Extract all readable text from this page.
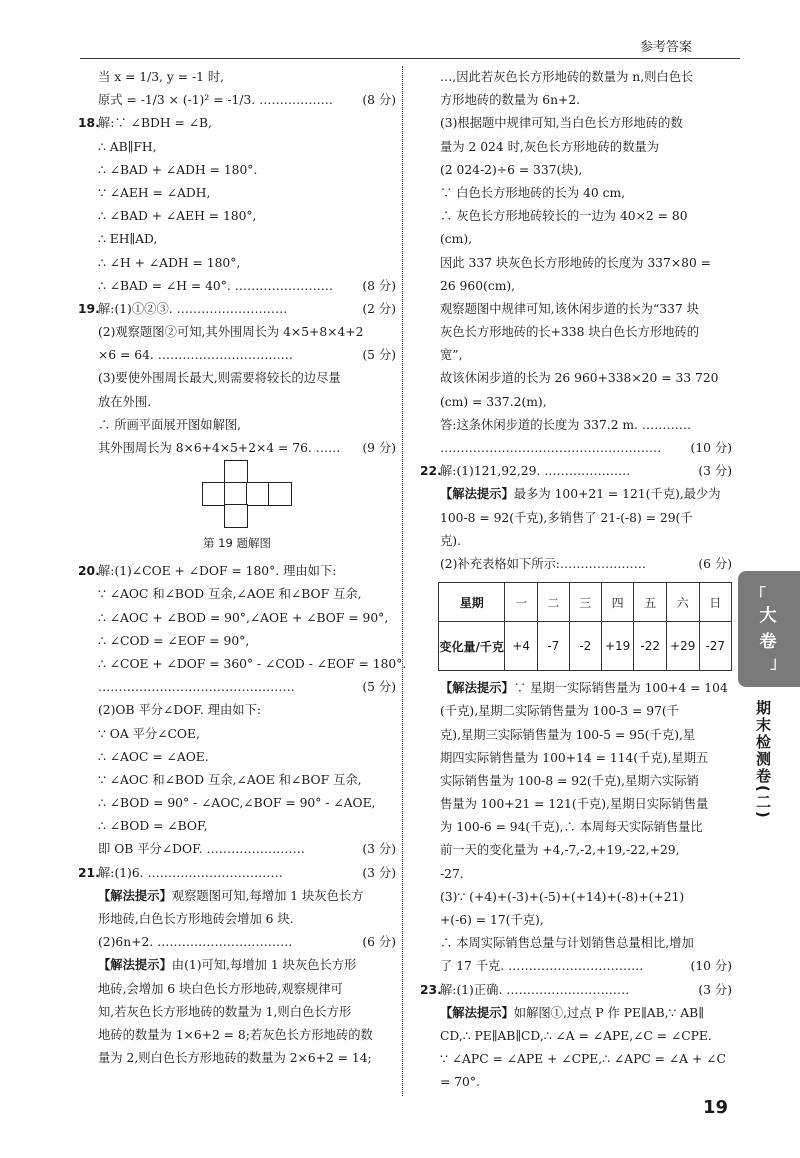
参考答案
当 x = 1/3, y = -1 时,
原式 = -1/3 × (-1)² = -1/3. ……………… (8 分)
18.解:∵ ∠BDH = ∠B,
∴ AB∥FH,
∴ ∠BAD + ∠ADH = 180°.
∵ ∠AEH = ∠ADH,
∴ ∠BAD + ∠AEH = 180°,
∴ EH∥AD,
∴ ∠H + ∠ADH = 180°,
∴ ∠BAD = ∠H = 40°. …………………… (8 分)
19.解:(1)①②③. ………………………	(2 分)
(2)观察题图②可知,其外围周长为 4×5+8×4+2
×6 = 64. ……………………………	(5 分)
(3)要使外围周长最大,则需要将较长的边尽量
放在外围.
∴ 所画平面展开图如解图,
其外围周长为 8×6+4×5+2×4 = 76. …… (9 分)
第 19 题解图
20.解:(1)∠COE + ∠DOF = 180°. 理由如下:
∵ ∠AOC 和∠BOD 互余,∠AOE 和∠BOF 互余,
∴ ∠AOC + ∠BOD = 90°,∠AOE + ∠BOF = 90°,
∴ ∠COD = ∠EOF = 90°,
∴ ∠COE + ∠DOF = 360° - ∠COD - ∠EOF = 180°.
…………………………………………	(5 分)
(2)OB 平分∠DOF. 理由如下:
∵ OA 平分∠COE,
∴ ∠AOC = ∠AOE.
∵ ∠AOC 和∠BOD 互余,∠AOE 和∠BOF 互余,
∴ ∠BOD = 90° - ∠AOC,∠BOF = 90° - ∠AOE,
∴ ∠BOD = ∠BOF,
即 OB 平分∠DOF. ……………………	(3 分)
21.解:(1)6. ……………………………	(3 分)
【解法提示】观察题图可知,每增加 1 块灰色长方
形地砖,白色长方形地砖会增加 6 块.
(2)6n+2. ……………………………	(6 分)
【解法提示】由(1)可知,每增加 1 块灰色长方形
地砖,会增加 6 块白色长方形地砖,观察规律可
知,若灰色长方形地砖的数量为 1,则白色长方形
地砖的数量为 1×6+2 = 8;若灰色长方形地砖的数
量为 2,则白色长方形地砖的数量为 2×6+2 = 14;
…,因此若灰色长方形地砖的数量为 n,则白色长
方形地砖的数量为 6n+2.
(3)根据题中规律可知,当白色长方形地砖的数
量为 2 024 时,灰色长方形地砖的数量为
(2 024-2)÷6 = 337(块),
∵ 白色长方形地砖的长为 40 cm,
∴ 灰色长方形地砖较长的一边为 40×2 = 80
(cm),
因此 337 块灰色长方形地砖的长度为 337×80 =
26 960(cm),
观察题图中规律可知,该休闲步道的长为“337 块
灰色长方形地砖的长+338 块白色长方形地砖的
宽”,
故该休闲步道的长为 26 960+338×20 = 33 720
(cm) = 337.2(m),
答:这条休闲步道的长度为 337.2 m. …………
……………………………………………… (10 分)
22.解:(1)121,92,29. …………………	(3 分)
【解法提示】最多为 100+21 = 121(千克),最少为
100-8 = 92(千克),多销售了 21-(-8) = 29(千
克).
(2)补充表格如下所示:…………………	(6 分)
星期	一	二	三	四	五	六	日
变化量/千克	+4	-7	-2	+19	-22	+29	-27
【解法提示】∵ 星期一实际销售量为 100+4 = 104
(千克),星期二实际销售量为 100-3 = 97(千
克),星期三实际销售量为 100-5 = 95(千克),星
期四实际销售量为 100+14 = 114(千克),星期五
实际销售量为 100-8 = 92(千克),星期六实际销
售量为 100+21 = 121(千克),星期日实际销售量
为 100-6 = 94(千克),∴ 本周每天实际销售量比
前一天的变化量为 +4,-7,-2,+19,-22,+29,
-27.
(3)∵ (+4)+(-3)+(-5)+(+14)+(-8)+(+21)
+(-6) = 17(千克),
∴ 本周实际销售总量与计划销售总量相比,增加
了 17 千克. ……………………………	(10 分)
23.解:(1)正确. …………………………	(3 分)
【解法提示】如解图①,过点 P 作 PE∥AB,∵ AB∥
CD,∴ PE∥AB∥CD,∴ ∠A = ∠APE,∠C = ∠CPE.
∵ ∠APC = ∠APE + ∠CPE,∴ ∠APC = ∠A + ∠C
= 70°.
「
大
卷
」
期末检测卷(二)
19
